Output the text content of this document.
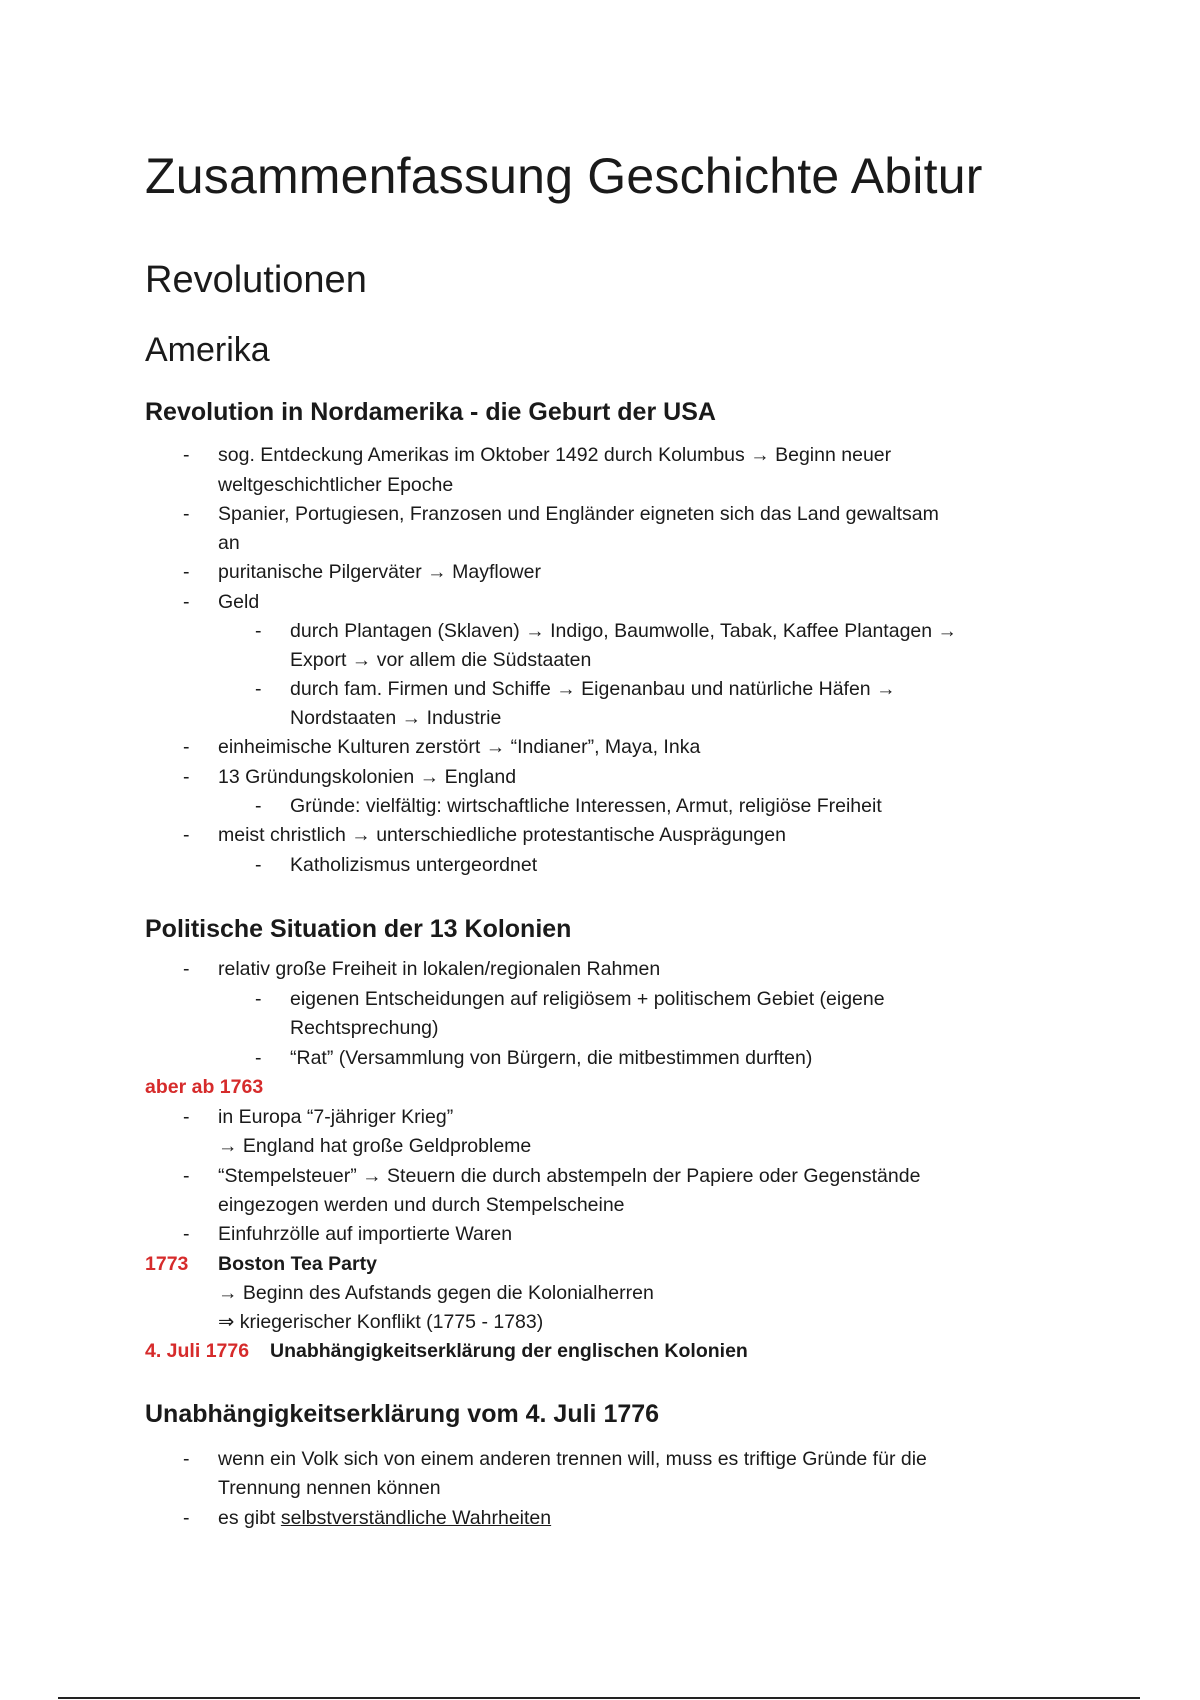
Zusammenfassung Geschichte Abitur
Revolutionen
Amerika
Revolution in Nordamerika - die Geburt der USA
- sog. Entdeckung Amerikas im Oktober 1492 durch Kolumbus → Beginn neuer
weltgeschichtlicher Epoche
- Spanier, Portugiesen, Franzosen und Engländer eigneten sich das Land gewaltsam
an
- puritanische Pilgerväter → Mayflower
- Geld
- durch Plantagen (Sklaven) → Indigo, Baumwolle, Tabak, Kaffee Plantagen →
Export → vor allem die Südstaaten
- durch fam. Firmen und Schiffe → Eigenanbau und natürliche Häfen →
Nordstaaten → Industrie
- einheimische Kulturen zerstört → “Indianer”, Maya, Inka
- 13 Gründungskolonien → England
- Gründe: vielfältig: wirtschaftliche Interessen, Armut, religiöse Freiheit
- meist christlich → unterschiedliche protestantische Ausprägungen
- Katholizismus untergeordnet
Politische Situation der 13 Kolonien
- relativ große Freiheit in lokalen/regionalen Rahmen
- eigenen Entscheidungen auf religiösem + politischem Gebiet (eigene
Rechtsprechung)
- “Rat” (Versammlung von Bürgern, die mitbestimmen durften)
aber ab 1763
- in Europa “7-jähriger Krieg”
→ England hat große Geldprobleme
- “Stempelsteuer” → Steuern die durch abstempeln der Papiere oder Gegenstände
eingezogen werden und durch Stempelscheine
- Einfuhrzölle auf importierte Waren
1773 Boston Tea Party
→ Beginn des Aufstands gegen die Kolonialherren
⇒ kriegerischer Konflikt (1775 - 1783)
4. Juli 1776 Unabhängigkeitserklärung der englischen Kolonien
Unabhängigkeitserklärung vom 4. Juli 1776
- wenn ein Volk sich von einem anderen trennen will, muss es triftige Gründe für die
Trennung nennen können
- es gibt selbstverständliche Wahrheiten
